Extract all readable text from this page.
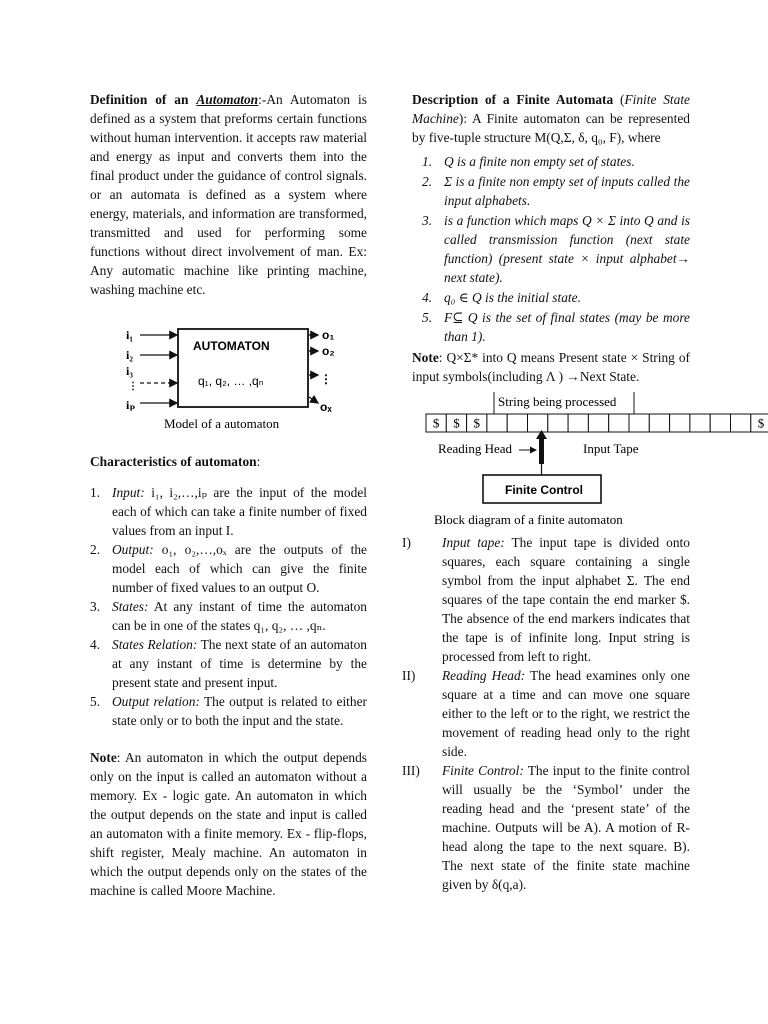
Definition of an Automaton:-An Automaton is defined as a system that preforms certain functions without human intervention. it accepts raw material and energy as input and converts them into the final product under the guidance of control signals. or an automata is defined as a system where energy, materials, and information are transformed, transmitted and used for performing some functions without direct involvement of man. Ex: Any automatic machine like printing machine, washing machine etc.

AUTOMATON
q₁, q₂, … ,qₙ
i₁
i₂
i₃
⋮
iₚ
o₁
o₂
⋮
oₓ
Model of a automaton

Characteristics of automaton:

1. Input: i₁, i₂,…,iₚ are the input of the model each of which can take a finite number of fixed values from an input I.
2. Output: o₁, o₂,…,oₓ are the outputs of the model each of which can give the finite number of fixed values to an output O.
3. States: At any instant of time the automaton can be in one of the states q₁, q₂, … ,qₙ.
4. States Relation: The next state of an automaton at any instant of time is determine by the present state and present input.
5. Output relation: The output is related to either state only or to both the input and the state.

Note: An automaton in which the output depends only on the input is called an automaton without a memory. Ex - logic gate. An automaton in which the output depends on the state and input is called an automaton with a finite memory. Ex - flip-flops, shift register, Mealy machine. An automaton in which the output depends only on the states of the machine is called Moore Machine.

Description of a Finite Automata (Finite State Machine): A Finite automaton can be represented by five-tuple structure M(Q,Σ, δ, q₀, F), where

1. Q is a finite non empty set of states.
2. Σ is a finite non empty set of inputs called the input alphabets.
3. is a function which maps Q × Σ into Q and is called transmission function (next state function) (present state × input alphabet→ next state).
4. q₀ ∈ Q is the initial state.
5. F⊆ Q is the set of final states (may be more than 1).

Note: Q×Σ* into Q means Present state × String of input symbols(including Λ ) →Next State.

String being processed
$ $ $	$
Reading Head	Input Tape
Finite Control
Block diagram of a finite automaton
I) Input tape: The input tape is divided onto squares, each square containing a single symbol from the input alphabet Σ. The end squares of the tape contain the end marker $. The absence of the end markers indicates that the tape is of infinite long. Input string is processed from left to right.
II) Reading Head: The head examines only one square at a time and can move one square either to the left or to the right, we restrict the movement of reading head only to the right side.
III) Finite Control: The input to the finite control will usually be the ‘Symbol’ under the reading head and the ‘present state’ of the machine. Outputs will be A). A motion of R-head along the tape to the next square. B). The next state of the finite state machine given by δ(q,a).
